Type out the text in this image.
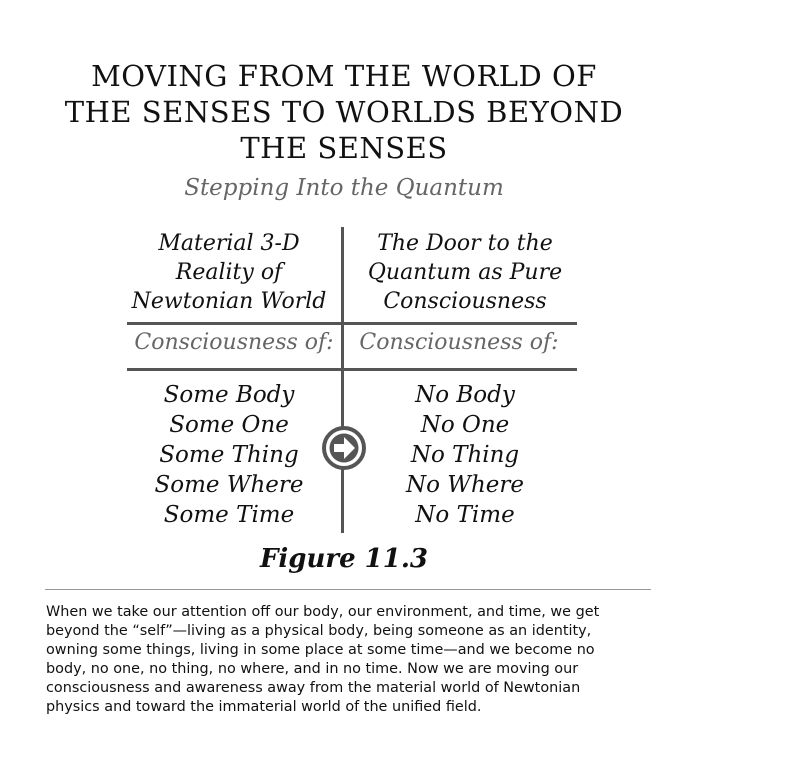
MOVING FROM THE WORLD OF
THE SENSES TO WORLDS BEYOND
THE SENSES
Stepping Into the Quantum
Material 3-D
Reality of
Newtonian World
The Door to the
Quantum as Pure
Consciousness
Consciousness of:	Consciousness of:
Some Body
Some One
Some Thing
Some Where
Some Time
No Body
No One
No Thing
No Where
No Time
Figure 11.3
When we take our attention off our body, our environment, and time, we get
beyond the “self”—living as a physical body, being someone as an identity,
owning some things, living in some place at some time—and we become no
body, no one, no thing, no where, and in no time. Now we are moving our
consciousness and awareness away from the material world of Newtonian
physics and toward the immaterial world of the unified field.
